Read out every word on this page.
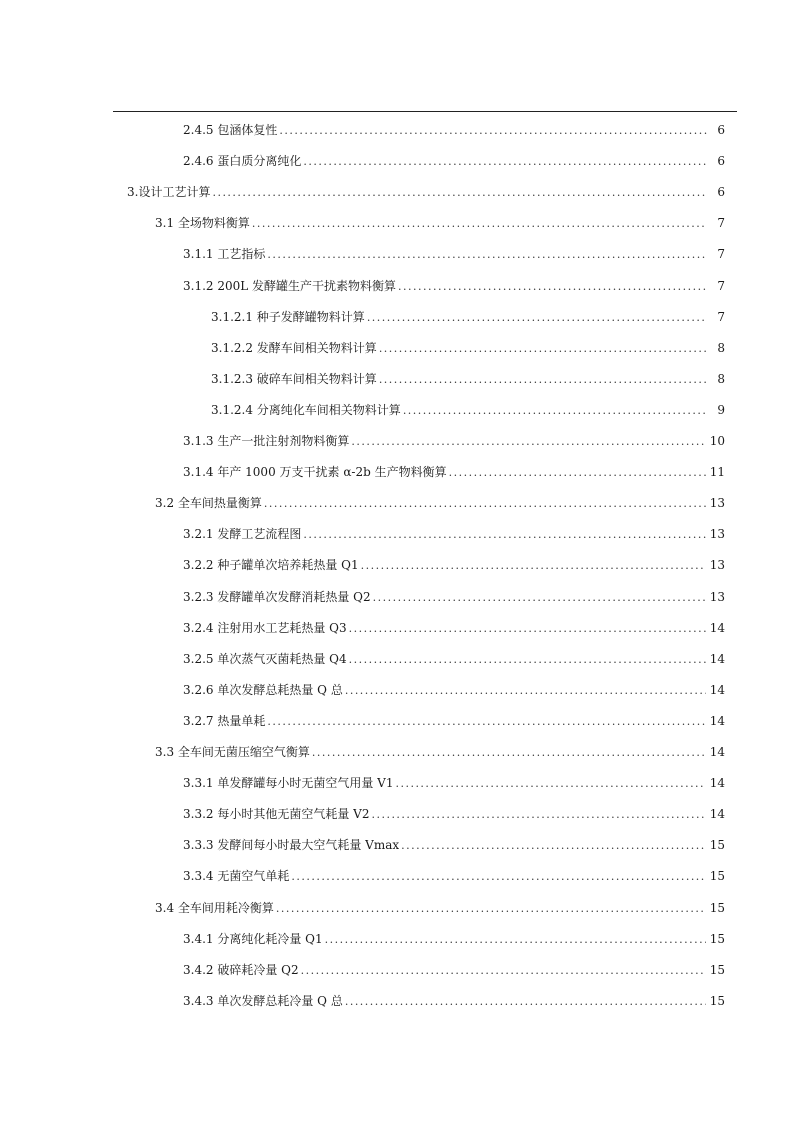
2.4.5 包涵体复性 . . .	6
2.4.6 蛋白质分离纯化 . . .	6
3.设计工艺计算 . . .	6
3.1 全场物料衡算 . . .	7
3.1.1 工艺指标 . . .	7
3.1.2 200L 发酵罐生产干扰素物料衡算 . . .	7
3.1.2.1 种子发酵罐物料计算 . . .	7
3.1.2.2 发酵车间相关物料计算 . . .	8
3.1.2.3 破碎车间相关物料计算 . . .	8
3.1.2.4 分离纯化车间相关物料计算 . . .	9
3.1.3 生产一批注射剂物料衡算 . . .	10
3.1.4 年产 1000 万支干扰素 α-2b 生产物料衡算 . . .	11
3.2 全车间热量衡算 . . .	13
3.2.1 发酵工艺流程图 . . .	13
3.2.2 种子罐单次培养耗热量 Q1 . . .	13
3.2.3 发酵罐单次发酵消耗热量 Q2 . . .	13
3.2.4 注射用水工艺耗热量 Q3 . . .	14
3.2.5 单次蒸气灭菌耗热量 Q4 . . .	14
3.2.6 单次发酵总耗热量 Q 总 . . .	14
3.2.7 热量单耗 . . .	14
3.3 全车间无菌压缩空气衡算 . . .	14
3.3.1 单发酵罐每小时无菌空气用量 V1 . . .	14
3.3.2 每小时其他无菌空气耗量 V2 . . .	14
3.3.3 发酵间每小时最大空气耗量 Vmax . . .	15
3.3.4 无菌空气单耗 . . .	15
3.4 全车间用耗冷衡算 . . .	15
3.4.1 分离纯化耗冷量 Q1 . . .	15
3.4.2 破碎耗冷量 Q2 . . .	15
3.4.3 单次发酵总耗冷量 Q 总 . . .	15
